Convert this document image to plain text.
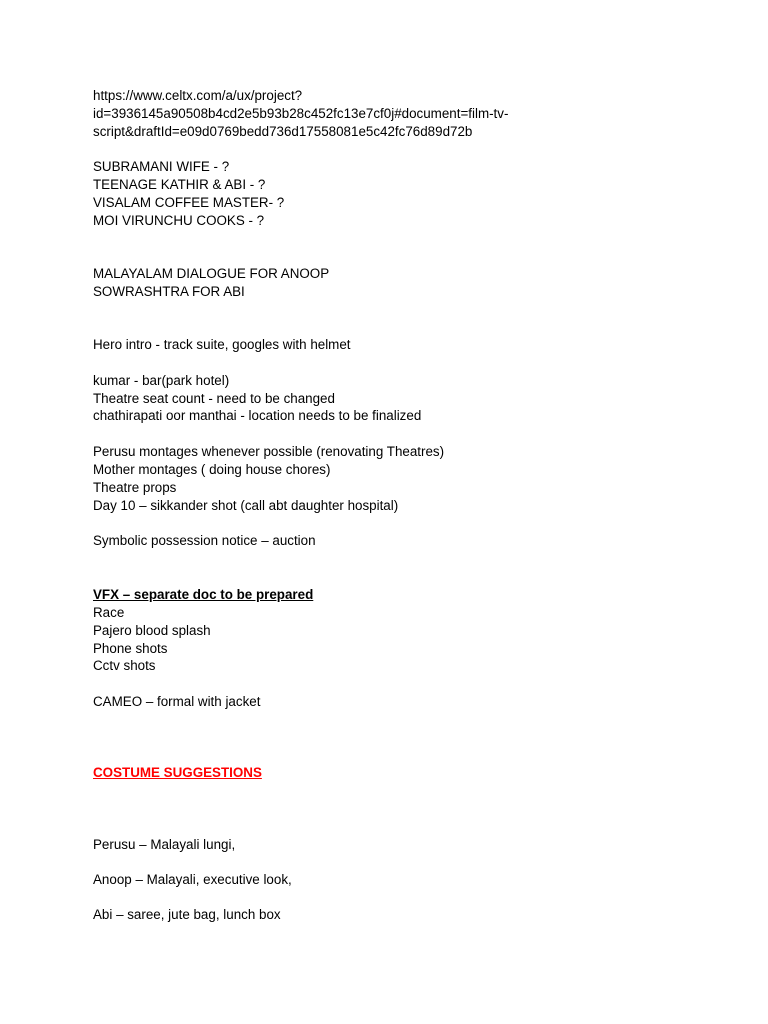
https://www.celtx.com/a/ux/project?
id=3936145a90508b4cd2e5b93b28c452fc13e7cf0j#document=film-tv-
script&draftId=e09d0769bedd736d17558081e5c42fc76d89d72b
SUBRAMANI WIFE - ?
TEENAGE KATHIR & ABI - ?
VISALAM COFFEE MASTER- ?
MOI VIRUNCHU COOKS - ?
MALAYALAM DIALOGUE FOR ANOOP
SOWRASHTRA FOR ABI
Hero intro - track suite, googles with helmet
kumar - bar(park hotel)
Theatre seat count - need to be changed
chathirapati oor manthai - location needs to be finalized
Perusu montages whenever possible (renovating Theatres)
Mother montages ( doing house chores)
Theatre props
Day 10 – sikkander shot (call abt daughter hospital)
Symbolic possession notice – auction
VFX – separate doc to be prepared
Race
Pajero blood splash
Phone shots
Cctv shots
CAMEO – formal with jacket
COSTUME SUGGESTIONS
Perusu – Malayali lungi,
Anoop – Malayali, executive look,
Abi – saree, jute bag, lunch box
